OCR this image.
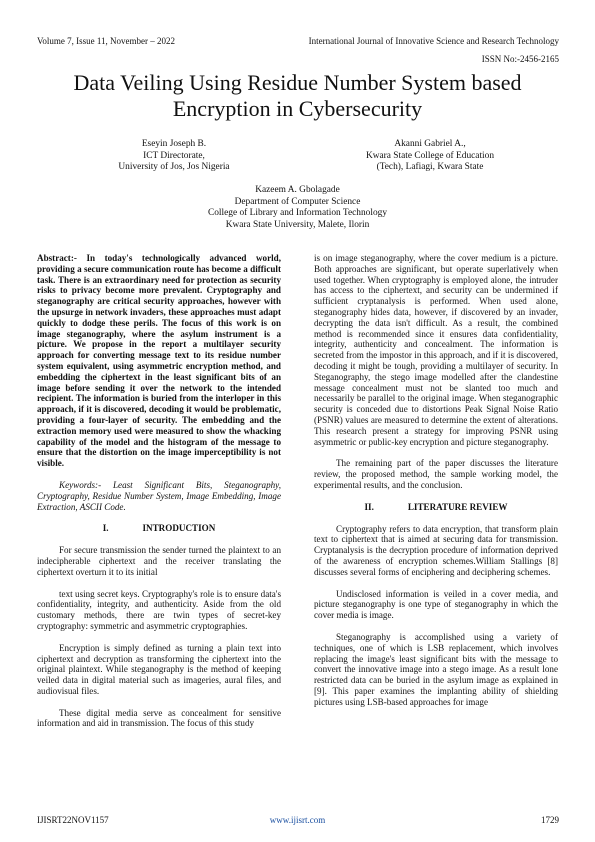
Volume 7, Issue 11, November – 2022	International Journal of Innovative Science and Research Technology
ISSN No:-2456-2165
Data Veiling Using Residue Number System based Encryption in Cybersecurity
Eseyin Joseph B.
ICT Directorate,
University of Jos, Jos Nigeria
Akanni Gabriel A.,
Kwara State College of Education
(Tech), Lafiagi, Kwara State
Kazeem A. Gbolagade
Department of Computer Science
College of Library and Information Technology
Kwara State University, Malete, Ilorin

Abstract:- In today's technologically advanced world, providing a secure communication route has become a difficult task. There is an extraordinary need for protection as security risks to privacy become more prevalent. Cryptography and steganography are critical security approaches, however with the upsurge in network invaders, these approaches must adapt quickly to dodge these perils. The focus of this work is on image steganography, where the asylum instrument is a picture. We propose in the report a multilayer security approach for converting message text to its residue number system equivalent, using asymmetric encryption method, and embedding the ciphertext in the least significant bits of an image before sending it over the network to the intended recipient. The information is buried from the interloper in this approach, if it is discovered, decoding it would be problematic, providing a four-layer of security. The embedding and the extraction memory used were measured to show the whacking capability of the model and the histogram of the message to ensure that the distortion on the image imperceptibility is not visible.

Keywords:- Least Significant Bits, Steganography, Cryptography, Residue Number System, Image Embedding, Image Extraction, ASCII Code.

I.	INTRODUCTION

For secure transmission the sender turned the plaintext to an indecipherable ciphertext and the receiver translating the ciphertext overturn it to its initial

text using secret keys. Cryptography's role is to ensure data's confidentiality, integrity, and authenticity. Aside from the old customary methods, there are twin types of secret-key cryptography: symmetric and asymmetric cryptographies.

Encryption is simply defined as turning a plain text into ciphertext and decryption as transforming the ciphertext into the original plaintext. While steganography is the method of keeping veiled data in digital material such as imageries, aural files, and audiovisual files.

These digital media serve as concealment for sensitive information and aid in transmission. The focus of this study

is on image steganography, where the cover medium is a picture. Both approaches are significant, but operate superlatively when used together. When cryptography is employed alone, the intruder has access to the ciphertext, and security can be undermined if sufficient cryptanalysis is performed. When used alone, steganography hides data, however, if discovered by an invader, decrypting the data isn't difficult. As a result, the combined method is recommended since it ensures data confidentiality, integrity, authenticity and concealment. The information is secreted from the impostor in this approach, and if it is discovered, decoding it might be tough, providing a multilayer of security. In Steganography, the stego image modelled after the clandestine message concealment must not be slanted too much and necessarily be parallel to the original image. When steganographic security is conceded due to distortions Peak Signal Noise Ratio (PSNR) values are measured to determine the extent of alterations. This research present a strategy for improving PSNR using asymmetric or public-key encryption and picture steganography.

The remaining part of the paper discusses the literature review, the proposed method, the sample working model, the experimental results, and the conclusion.

II.	LITERATURE REVIEW

Cryptography refers to data encryption, that transform plain text to ciphertext that is aimed at securing data for transmission. Cryptanalysis is the decryption procedure of information deprived of the awareness of encryption schemes.William Stallings [8] discusses several forms of enciphering and deciphering schemes.

Undisclosed information is veiled in a cover media, and picture steganography is one type of steganography in which the cover media is image.

Steganography is accomplished using a variety of techniques, one of which is LSB replacement, which involves replacing the image's least significant bits with the message to convert the innovative image into a stego image. As a result lone restricted data can be buried in the asylum image as explained in [9]. This paper examines the implanting ability of shielding pictures using LSB-based approaches for image

IJISRT22NOV1157	www.ijisrt.com	1729
